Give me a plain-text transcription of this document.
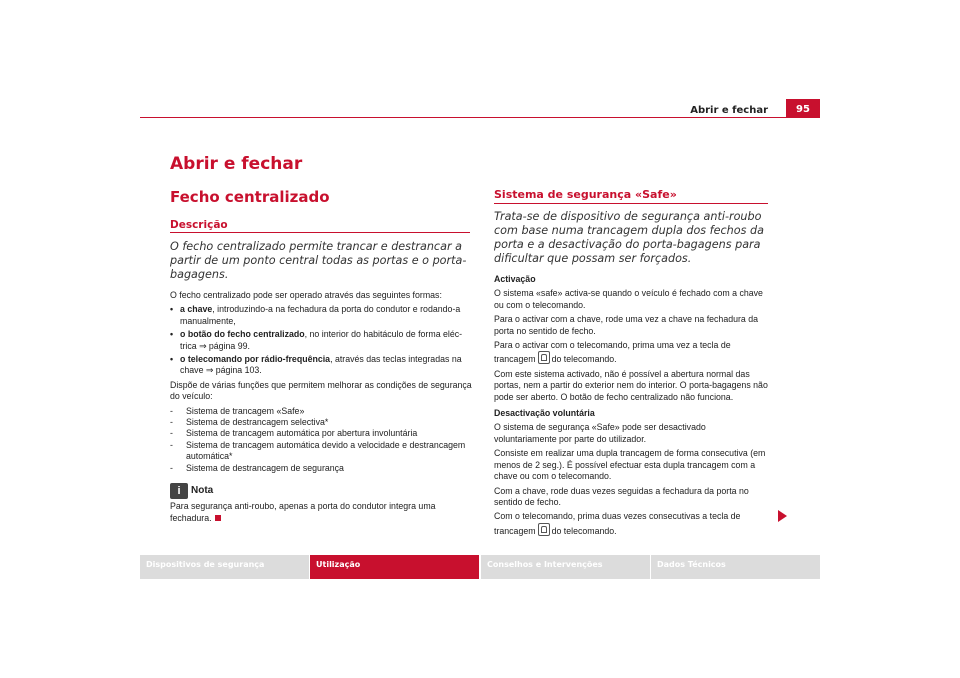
Abrir e fechar	95
Abrir e fechar
Fecho centralizado
Descrição
O fecho centralizado permite trancar e destrancar a partir de um ponto central todas as portas e o porta-bagagens.

O fecho centralizado pode ser operado através das seguintes formas:

• a chave, introduzindo-a na fechadura da porta do condutor e rodando-a manualmente,
• o botão do fecho centralizado, no interior do habitáculo de forma eléc-trica ⇒ página 99.
• o telecomando por rádio-frequência, através das teclas integradas na chave ⇒ página 103.

Dispõe de várias funções que permitem melhorar as condições de segurança do veículo:

-	Sistema de trancagem «Safe»
-	Sistema de destrancagem selectiva*
-	Sistema de trancagem automática por abertura involuntária
-	Sistema de trancagem automática devido a velocidade e destrancagem automática*
-	Sistema de destrancagem de segurança
i Nota

Para segurança anti-roubo, apenas a porta do condutor integra uma fechadura.

Sistema de segurança «Safe»
Trata-se de dispositivo de segurança anti-roubo com base numa trancagem dupla dos fechos da porta e a desactivação do porta-bagagens para dificultar que possam ser forçados.

Activação

O sistema «safe» activa-se quando o veículo é fechado com a chave ou com o telecomando.

Para o activar com a chave, rode uma vez a chave na fechadura da porta no sentido de fecho.

Para o activar com o telecomando, prima uma vez a tecla de trancagem do telecomando.

Com este sistema activado, não é possível a abertura normal das portas, nem a partir do exterior nem do interior. O porta-bagagens não pode ser aberto. O botão de fecho centralizado não funciona.

Desactivação voluntária

O sistema de segurança «Safe» pode ser desactivado voluntariamente por parte do utilizador.

Consiste em realizar uma dupla trancagem de forma consecutiva (em menos de 2 seg.). É possível efectuar esta dupla trancagem com a chave ou com o telecomando.

Com a chave, rode duas vezes seguidas a fechadura da porta no sentido de fecho.

Com o telecomando, prima duas vezes consecutivas a tecla de trancagem do telecomando.

Dispositivos de segurança	Utilização	Conselhos e Intervenções	Dados Técnicos
